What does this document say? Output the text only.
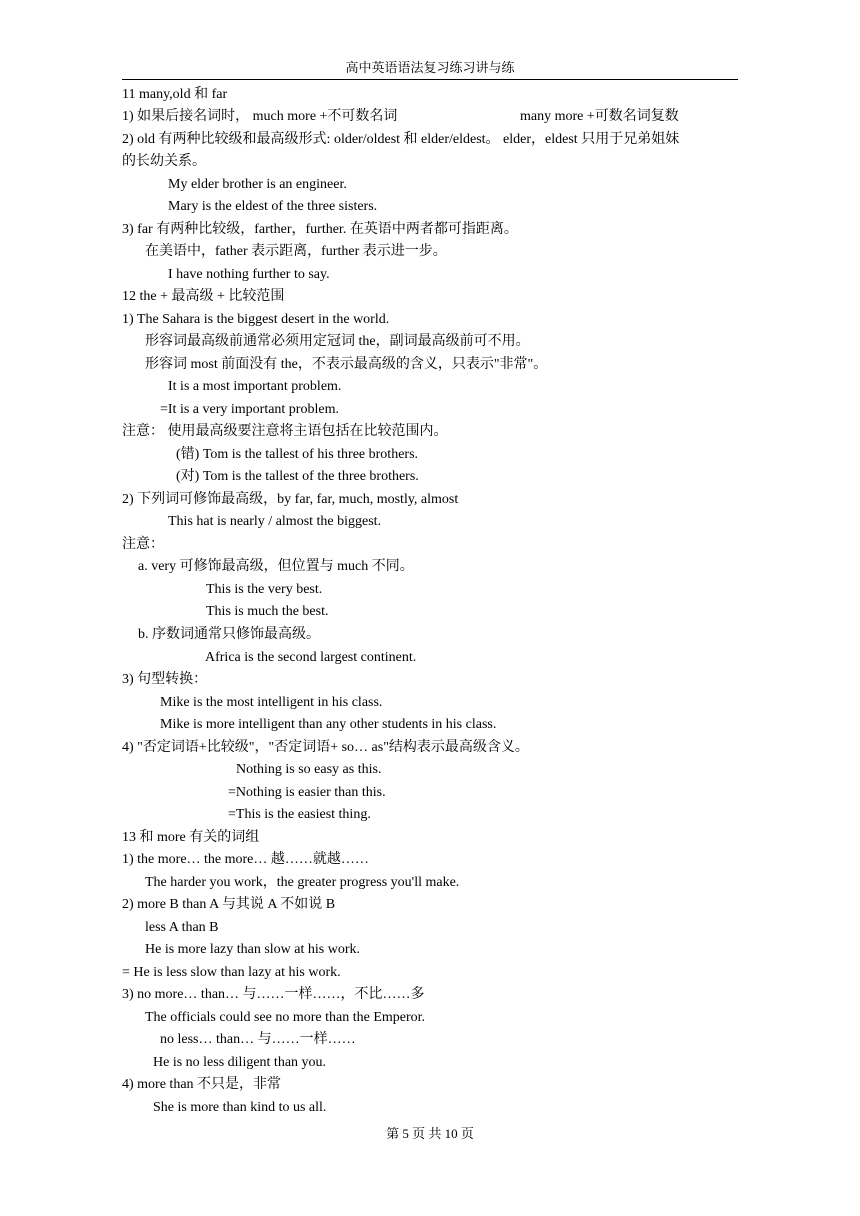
高中英语语法复习练习讲与练
11 many,old 和 far
1) 如果后接名词时， much more +不可数名词	many more +可数名词复数
2) old 有两种比较级和最高级形式: older/oldest 和 elder/eldest。 elder，eldest 只用于兄弟姐妹
的长幼关系。
My elder brother is an engineer.
Mary is the eldest of the three sisters.
3) far 有两种比较级，farther，further. 在英语中两者都可指距离。
在美语中，father 表示距离，further 表示进一步。
I have nothing further to say.
12 the + 最高级 + 比较范围
1) The Sahara is the biggest desert in the world.
形容词最高级前通常必须用定冠词 the，副词最高级前可不用。
形容词 most 前面没有 the，不表示最高级的含义，只表示"非常"。
It is a most important problem.
=It is a very important problem.
注意： 使用最高级要注意将主语包括在比较范围内。
(错) Tom is the tallest of his three brothers.
(对) Tom is the tallest of the three brothers.
2) 下列词可修饰最高级，by far, far, much, mostly, almost
This hat is nearly / almost the biggest.
注意：
a. very 可修饰最高级，但位置与 much 不同。
This is the very best.
This is much the best.
b. 序数词通常只修饰最高级。
Africa is the second largest continent.
3) 句型转换：
Mike is the most intelligent in his class.
Mike is more intelligent than any other students in his class.
4) "否定词语+比较级"，"否定词语+ so… as"结构表示最高级含义。
Nothing is so easy as this.
=Nothing is easier than this.
=This is the easiest thing.
13 和 more 有关的词组
1) the more… the more… 越……就越……
The harder you work，the greater progress you'll make.
2) more B than A 与其说 A 不如说 B
less A than B
He is more lazy than slow at his work.
= He is less slow than lazy at his work.
3) no more… than… 与……一样……，不比……多
The officials could see no more than the Emperor.
no less… than… 与……一样……
He is no less diligent than you.
4) more than 不只是，非常
She is more than kind to us all.
第 5 页 共 10 页
